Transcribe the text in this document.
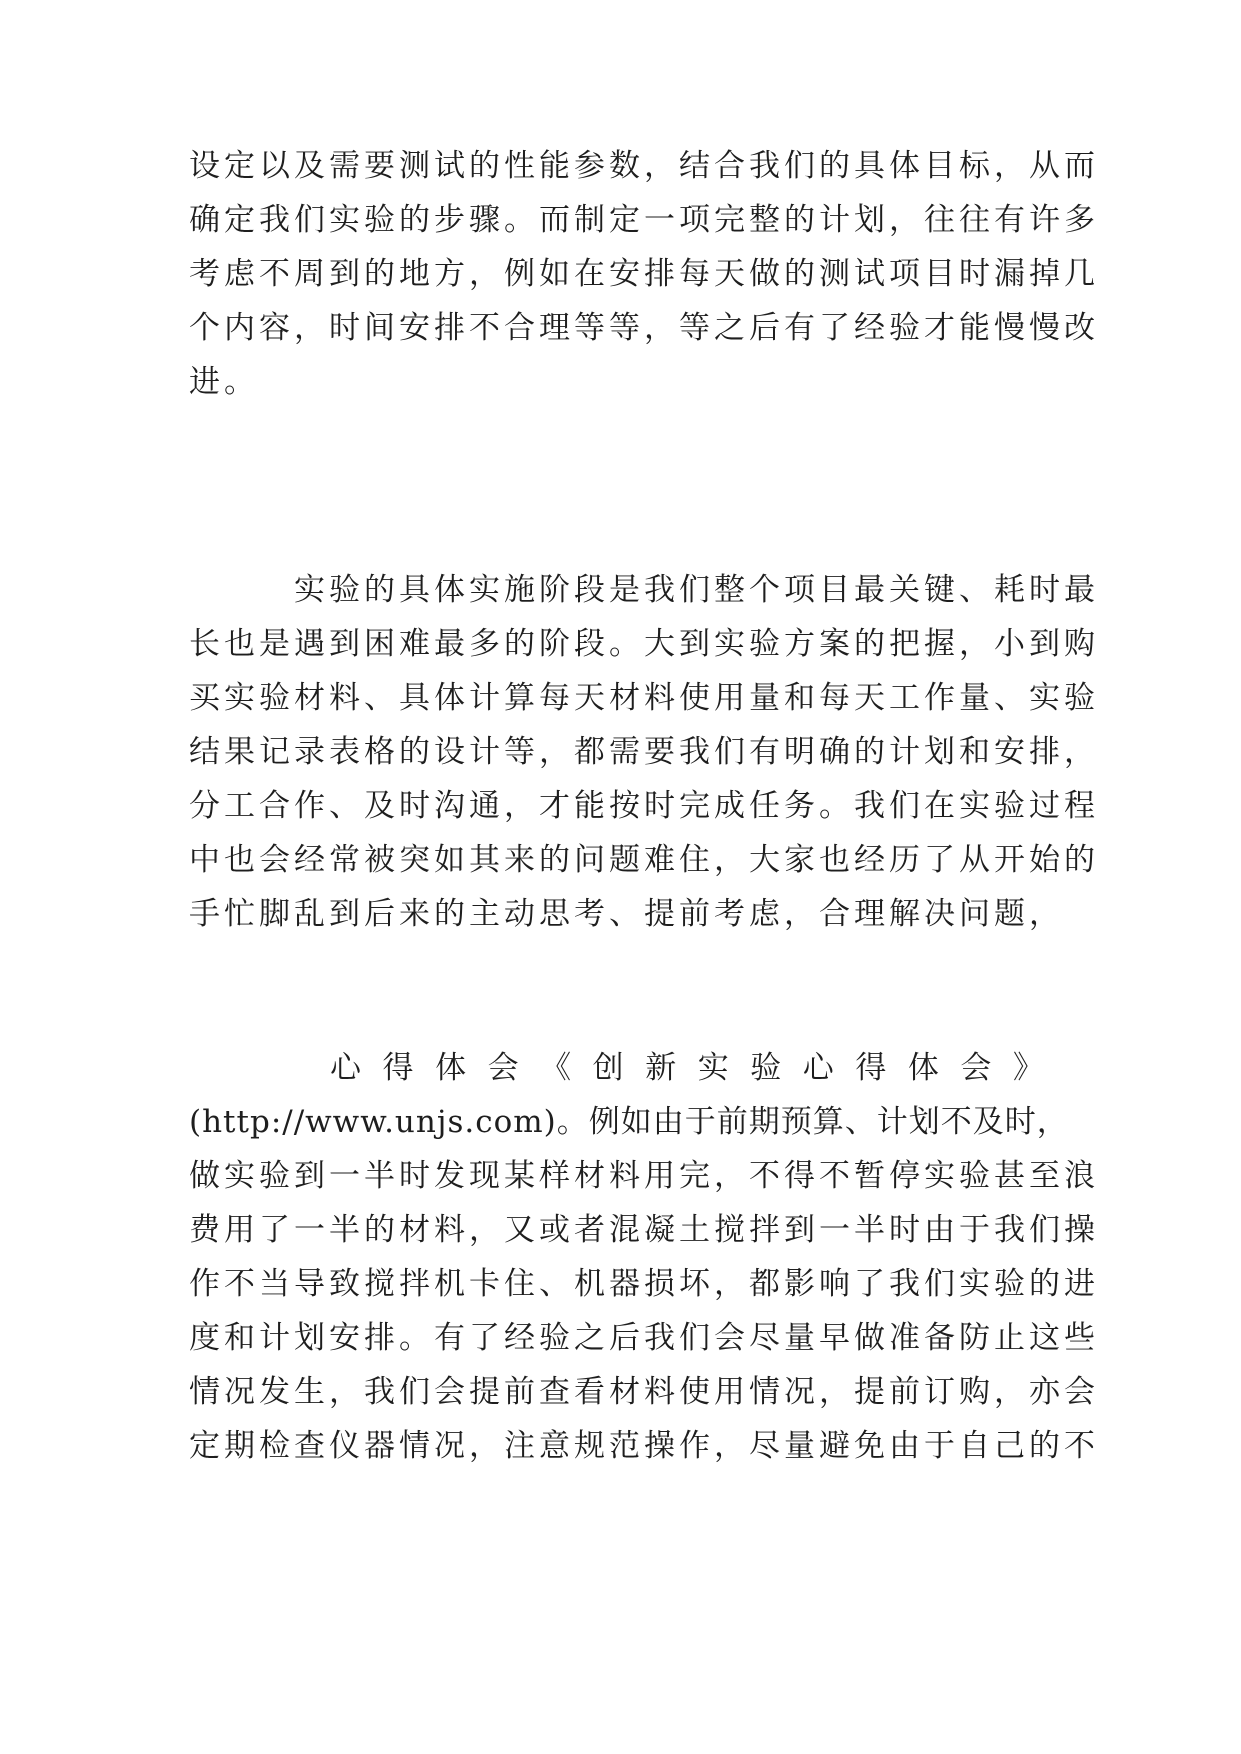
设定以及需要测试的性能参数，结合我们的具体目标，从而
确定我们实验的步骤。而制定一项完整的计划，往往有许多
考虑不周到的地方，例如在安排每天做的测试项目时漏掉几
个内容，时间安排不合理等等，等之后有了经验才能慢慢改
进。
实验的具体实施阶段是我们整个项目最关键、耗时最
长也是遇到困难最多的阶段。大到实验方案的把握，小到购
买实验材料、具体计算每天材料使用量和每天工作量、实验
结果记录表格的设计等，都需要我们有明确的计划和安排，
分工合作、及时沟通，才能按时完成任务。我们在实验过程
中也会经常被突如其来的问题难住，大家也经历了从开始的
手忙脚乱到后来的主动思考、提前考虑，合理解决问题，
心 得 体 会 《 创 新 实 验 心 得 体 会 》
(http://www.unjs.com)。例如由于前期预算、计划不及时，
做实验到一半时发现某样材料用完，不得不暂停实验甚至浪
费用了一半的材料，又或者混凝土搅拌到一半时由于我们操
作不当导致搅拌机卡住、机器损坏，都影响了我们实验的进
度和计划安排。有了经验之后我们会尽量早做准备防止这些
情况发生，我们会提前查看材料使用情况，提前订购，亦会
定期检查仪器情况，注意规范操作，尽量避免由于自己的不
